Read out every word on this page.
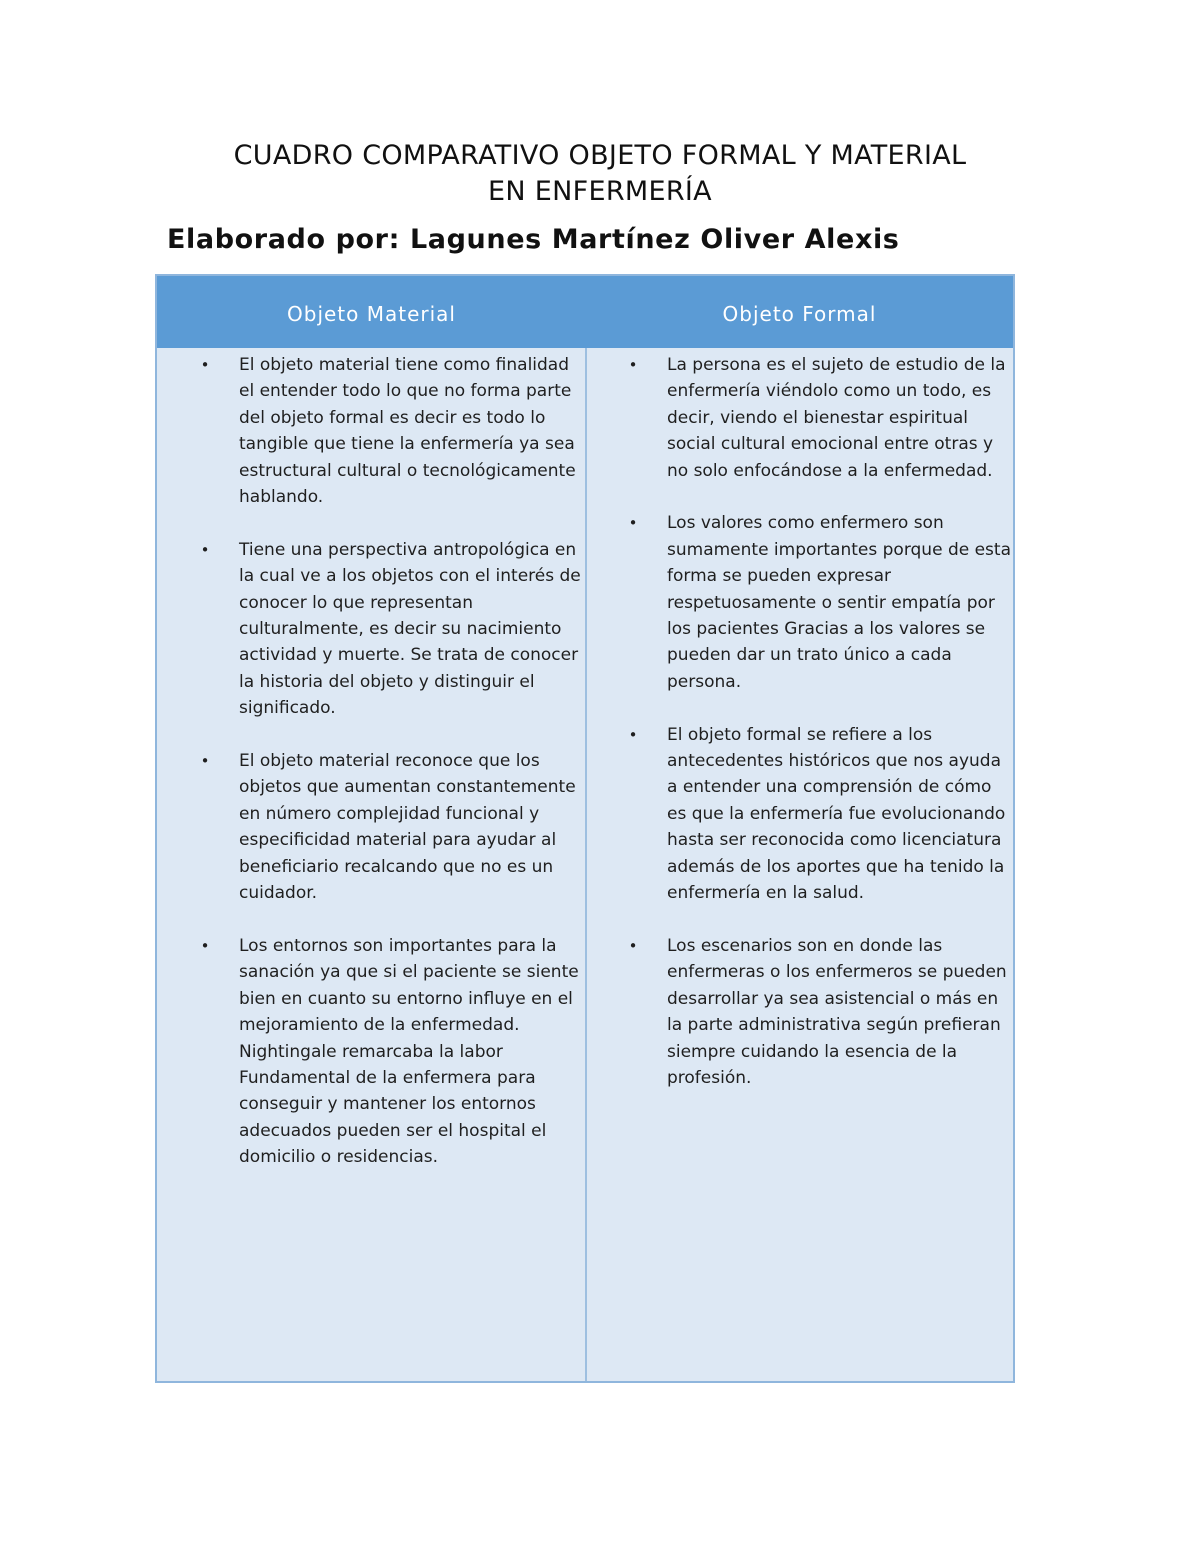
CUADRO COMPARATIVO OBJETO FORMAL Y MATERIAL
EN ENFERMERÍA

Elaborado por: Lagunes Martínez Oliver Alexis

Objeto Material	Objeto Formal
• El objeto material tiene como finalidad el entender todo lo que no forma parte del objeto formal es decir es todo lo tangible que tiene la enfermería ya sea estructural cultural o tecnológicamente hablando.
• Tiene una perspectiva antropológica en la cual ve a los objetos con el interés de conocer lo que representan culturalmente, es decir su nacimiento actividad y muerte. Se trata de conocer la historia del objeto y distinguir el significado.
• El objeto material reconoce que los objetos que aumentan constantemente en número complejidad funcional y especificidad material para ayudar al beneficiario recalcando que no es un cuidador.
• Los entornos son importantes para la sanación ya que si el paciente se siente bien en cuanto su entorno influye en el mejoramiento de la enfermedad. Nightingale remarcaba la labor Fundamental de la enfermera para conseguir y mantener los entornos adecuados pueden ser el hospital el domicilio o residencias.
• La persona es el sujeto de estudio de la enfermería viéndolo como un todo, es decir, viendo el bienestar espiritual social cultural emocional entre otras y no solo enfocándose a la enfermedad.
• Los valores como enfermero son sumamente importantes porque de esta forma se pueden expresar respetuosamente o sentir empatía por los pacientes Gracias a los valores se pueden dar un trato único a cada persona.
• El objeto formal se refiere a los antecedentes históricos que nos ayuda a entender una comprensión de cómo es que la enfermería fue evolucionando hasta ser reconocida como licenciatura además de los aportes que ha tenido la enfermería en la salud.
• Los escenarios son en donde las enfermeras o los enfermeros se pueden desarrollar ya sea asistencial o más en la parte administrativa según prefieran siempre cuidando la esencia de la profesión.
